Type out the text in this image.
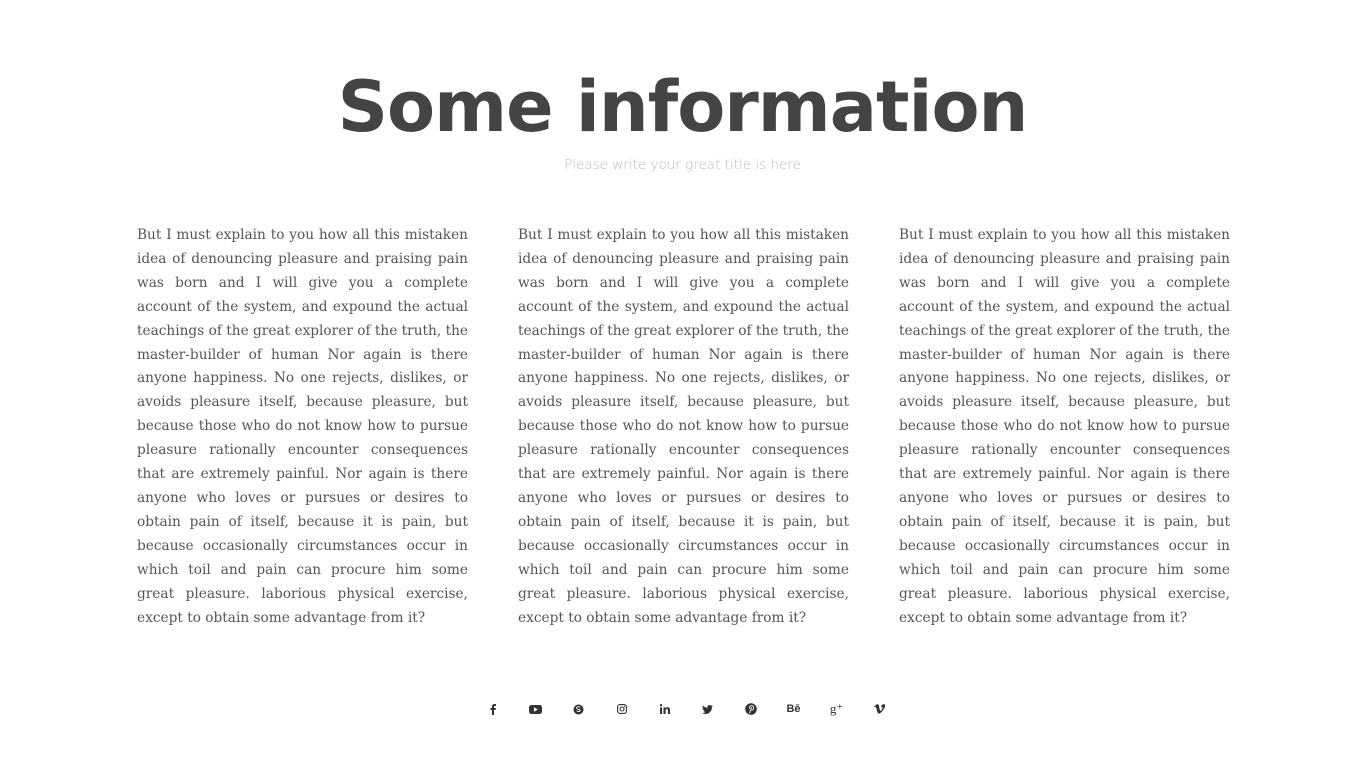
Some information
Please write your great title is here

But I must explain to you how all this mistaken idea of denouncing pleasure and praising pain was born and I will give you a complete account of the system, and expound the actual teachings of the great explorer of the truth, the master-builder of human Nor again is there anyone happiness. No one rejects, dislikes, or avoids pleasure itself, because pleasure, but because those who do not know how to pursue pleasure rationally encounter consequences that are extremely painful. Nor again is there anyone who loves or pursues or desires to obtain pain of itself, because it is pain, but because occasionally circumstances occur in which toil and pain can procure him some great pleasure. laborious physical exercise, except to obtain some advantage from it?

But I must explain to you how all this mistaken idea of denouncing pleasure and praising pain was born and I will give you a complete account of the system, and expound the actual teachings of the great explorer of the truth, the master-builder of human Nor again is there anyone happiness. No one rejects, dislikes, or avoids pleasure itself, because pleasure, but because those who do not know how to pursue pleasure rationally encounter consequences that are extremely painful. Nor again is there anyone who loves or pursues or desires to obtain pain of itself, because it is pain, but because occasionally circumstances occur in which toil and pain can procure him some great pleasure. laborious physical exercise, except to obtain some advantage from it?

But I must explain to you how all this mistaken idea of denouncing pleasure and praising pain was born and I will give you a complete account of the system, and expound the actual teachings of the great explorer of the truth, the master-builder of human Nor again is there anyone happiness. No one rejects, dislikes, or avoids pleasure itself, because pleasure, but because those who do not know how to pursue pleasure rationally encounter consequences that are extremely painful. Nor again is there anyone who loves or pursues or desires to obtain pain of itself, because it is pain, but because occasionally circumstances occur in which toil and pain can procure him some great pleasure. laborious physical exercise, except to obtain some advantage from it?

Bē g⁺
